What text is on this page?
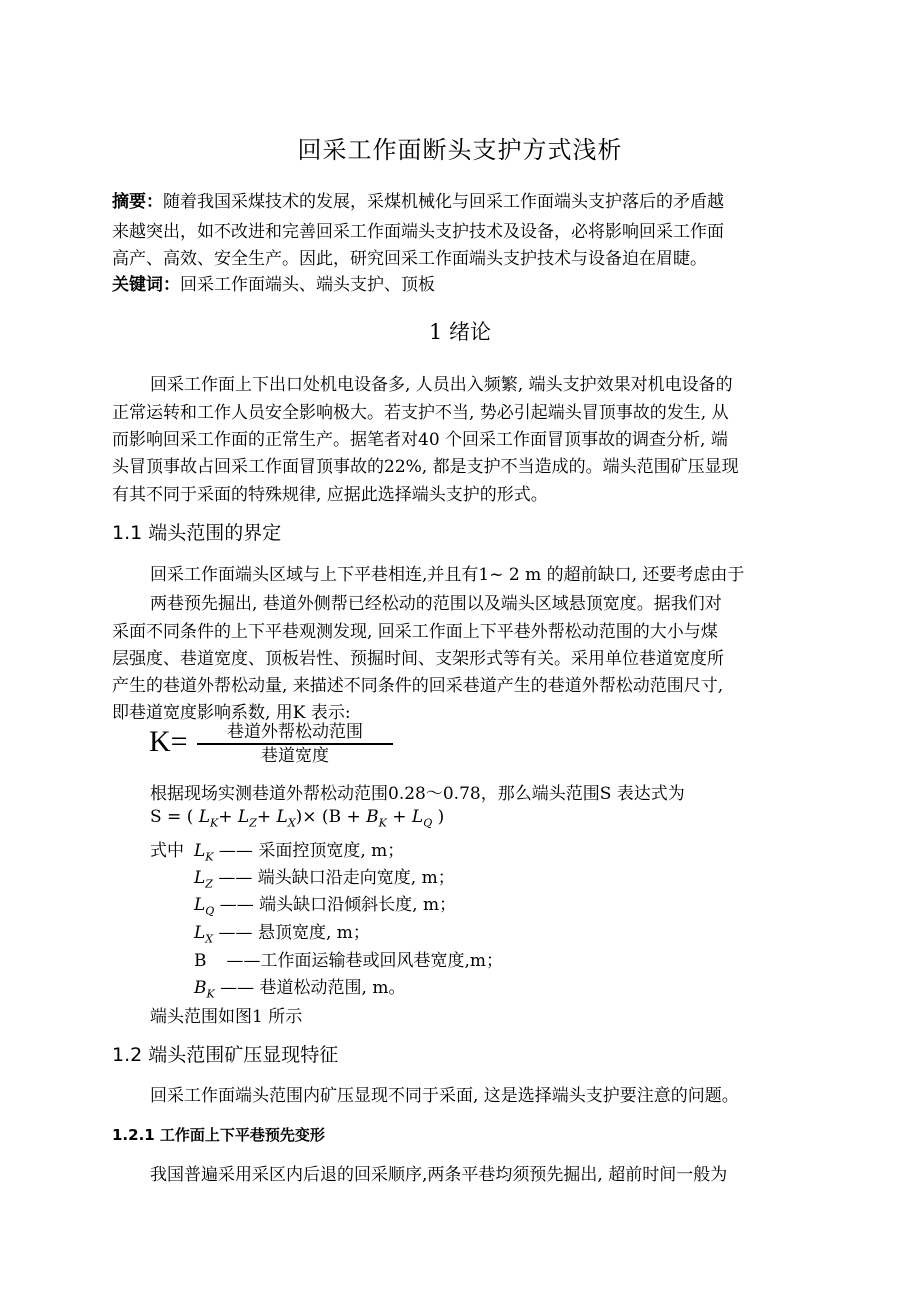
回采工作面断头支护方式浅析
摘要：随着我国采煤技术的发展，采煤机械化与回采工作面端头支护落后的矛盾越
来越突出，如不改进和完善回采工作面端头支护技术及设备，必将影响回采工作面
高产、高效、安全生产。因此，研究回采工作面端头支护技术与设备迫在眉睫。
关键词：回采工作面端头、端头支护、顶板
1 绪论
回采工作面上下出口处机电设备多, 人员出入频繁, 端头支护效果对机电设备的
正常运转和工作人员安全影响极大。若支护不当, 势必引起端头冒顶事故的发生, 从
而影响回采工作面的正常生产。据笔者对40 个回采工作面冒顶事故的调查分析, 端
头冒顶事故占回采工作面冒顶事故的22%, 都是支护不当造成的。端头范围矿压显现
有其不同于采面的特殊规律, 应据此选择端头支护的形式。
1.1 端头范围的界定
回采工作面端头区域与上下平巷相连,并且有1~ 2 m 的超前缺口, 还要考虑由于
两巷预先掘出, 巷道外侧帮已经松动的范围以及端头区域悬顶宽度。据我们对
采面不同条件的上下平巷观测发现, 回采工作面上下平巷外帮松动范围的大小与煤
层强度、巷道宽度、顶板岩性、预掘时间、支架形式等有关。采用单位巷道宽度所
产生的巷道外帮松动量, 来描述不同条件的回采巷道产生的巷道外帮松动范围尺寸,
即巷道宽度影响系数, 用K 表示:
K=	巷道外帮松动范围
巷道宽度
根据现场实测巷道外帮松动范围0.28～0.78，那么端头范围S 表达式为
S = ( $L_K+ L_Z+ L_X)\times (B + B_K + L_Q$ )
式中 $L_K$ —— 采面控顶宽度, m；
$L_Z$ —— 端头缺口沿走向宽度, m；
$L_Q$ —— 端头缺口沿倾斜长度, m；
$L_X$ —— 悬顶宽度, m；
B ——工作面运输巷或回风巷宽度,m；
$B_K$ —— 巷道松动范围, m。
端头范围如图1 所示
1.2 端头范围矿压显现特征
回采工作面端头范围内矿压显现不同于采面, 这是选择端头支护要注意的问题。
1.2.1 工作面上下平巷预先变形
我国普遍采用采区内后退的回采顺序,两条平巷均须预先掘出, 超前时间一般为
